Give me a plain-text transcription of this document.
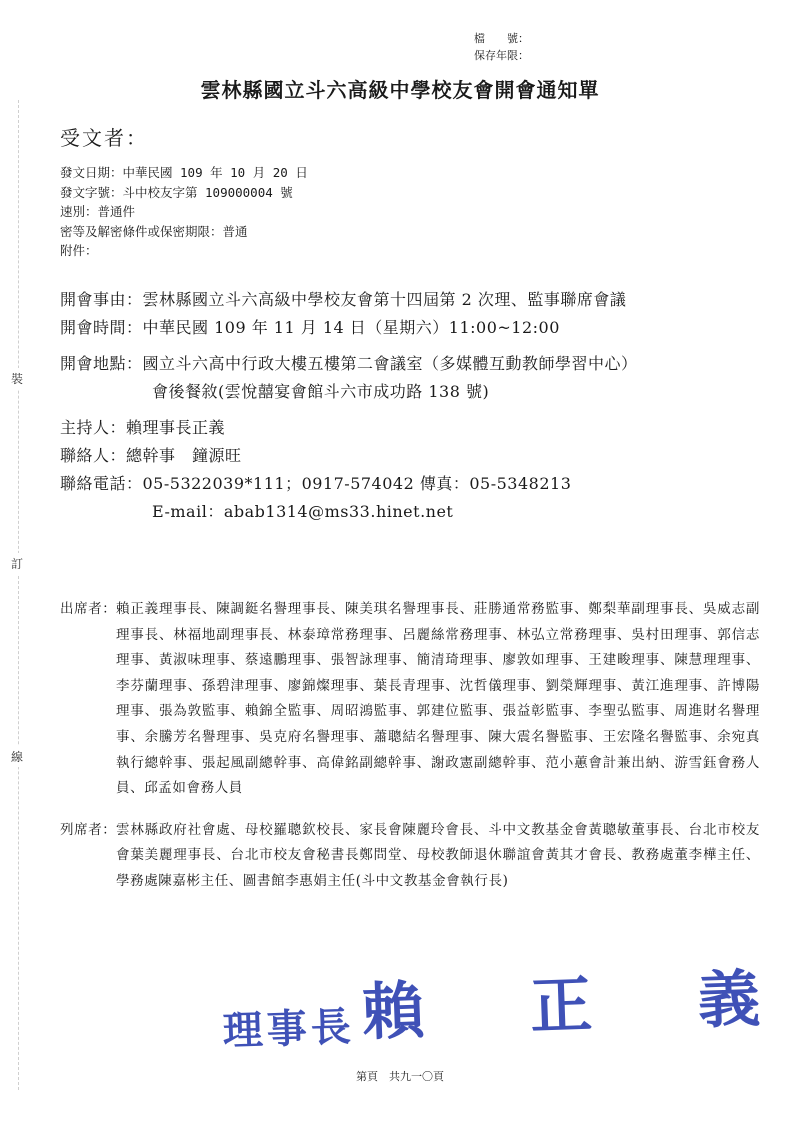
裝
訂
線
檔　　號：
保存年限：
雲林縣國立斗六高級中學校友會開會通知單
受文者：
發文日期：中華民國 109 年 10 月 20 日
發文字號：斗中校友字第 109000004 號
速別：普通件
密等及解密條件或保密期限：普通
附件：
開會事由：雲林縣國立斗六高級中學校友會第十四屆第 2 次理、監事聯席會議
開會時間：中華民國 109 年 11 月 14 日（星期六）11:00~12:00
開會地點：國立斗六高中行政大樓五樓第二會議室（多媒體互動教師學習中心）
會後餐敘(雲悅囍宴會館斗六市成功路 138 號)
主持人：賴理事長正義
聯絡人：總幹事　鐘源旺
聯絡電話：05-5322039*111；0917-574042 傳真：05-5348213
E-mail：abab1314@ms33.hinet.net
出席者： 賴正義理事長、陳調鋌名譽理事長、陳美琪名譽理事長、莊勝通常務監事、鄭梨華副理事長、吳威志副理事長、林福地副理事長、林泰璋常務理事、呂麗絲常務理事、林弘立常務理事、吳村田理事、郭信志理事、黃淑味理事、蔡遠鵬理事、張智詠理事、簡清琦理事、廖敦如理事、王建畯理事、陳慧理理事、李芬蘭理事、孫碧津理事、廖錦燦理事、葉長青理事、沈哲儀理事、劉榮輝理事、黃江進理事、許博陽理事、張為敦監事、賴錦全監事、周昭鴻監事、郭建位監事、張益彰監事、李聖弘監事、周進財名譽理事、余騰芳名譽理事、吳克府名譽理事、蕭聰結名譽理事、陳大震名譽監事、王宏隆名譽監事、余宛真執行總幹事、張起風副總幹事、高偉銘副總幹事、謝政憲副總幹事、范小蕙會計兼出納、游雪鈺會務人員、邱孟如會務人員
列席者： 雲林縣政府社會處、母校羅聰欽校長、家長會陳麗玲會長、斗中文教基金會黃聰敏董事長、台北市校友會葉美麗理事長、台北市校友會秘書長鄭問堂、母校教師退休聯誼會黃其才會長、教務處董李樺主任、學務處陳嘉彬主任、圖書館李惠娟主任(斗中文教基金會執行長)
理事長 賴　正　義
第頁　共九一〇頁
